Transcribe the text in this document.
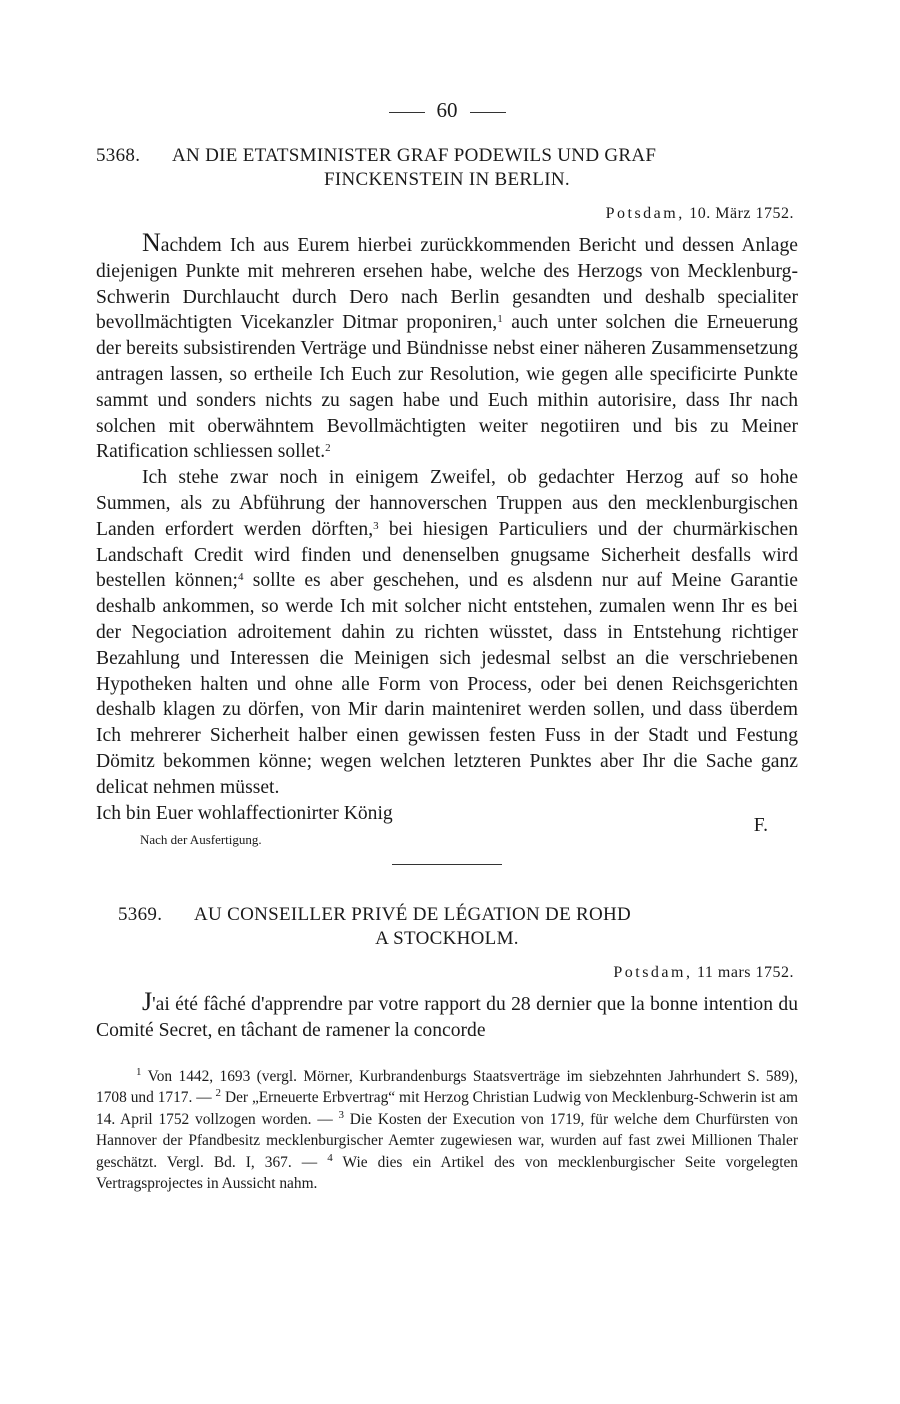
60
5368. AN DIE ETATSMINISTER GRAF PODEWILS UND GRAF
FINCKENSTEIN IN BERLIN.
Potsdam, 10. März 1752.

Nachdem Ich aus Eurem hierbei zurückkommenden Bericht und dessen Anlage diejenigen Punkte mit mehreren ersehen habe, welche des Herzogs von Mecklenburg-Schwerin Durchlaucht durch Dero nach Berlin gesandten und deshalb specialiter bevollmächtigten Vicekanzler Ditmar proponiren,$^1$ auch unter solchen die Erneuerung der bereits subsistirenden Verträge und Bündnisse nebst einer näheren Zusammensetzung antragen lassen, so ertheile Ich Euch zur Resolution, wie gegen alle specificirte Punkte sammt und sonders nichts zu sagen habe und Euch mithin autorisire, dass Ihr nach solchen mit oberwähntem Bevollmächtigten weiter negotiiren und bis zu Meiner Ratification schliessen sollet.$^2$

Ich stehe zwar noch in einigem Zweifel, ob gedachter Herzog auf so hohe Summen, als zu Abführung der hannoverschen Truppen aus den mecklenburgischen Landen erfordert werden dörften,$^3$ bei hiesigen Particuliers und der churmärkischen Landschaft Credit wird finden und denenselben gnugsame Sicherheit desfalls wird bestellen können;$^4$ sollte es aber geschehen, und es alsdenn nur auf Meine Garantie deshalb ankommen, so werde Ich mit solcher nicht entstehen, zumalen wenn Ihr es bei der Negociation adroitement dahin zu richten wüsstet, dass in Entstehung richtiger Bezahlung und Interessen die Meinigen sich jedesmal selbst an die verschriebenen Hypotheken halten und ohne alle Form von Process, oder bei denen Reichsgerichten deshalb klagen zu dörfen, von Mir darin mainteniret werden sollen, und dass überdem Ich mehrerer Sicherheit halber einen gewissen festen Fuss in der Stadt und Festung Dömitz bekommen könne; wegen welchen letzteren Punktes aber Ihr die Sache ganz delicat nehmen müsset.

Ich bin Euer wohlaffectionirter König
F.
Nach der Ausfertigung.
5369. AU CONSEILLER PRIVÉ DE LÉGATION DE ROHD
A STOCKHOLM.
Potsdam, 11 mars 1752.

J'ai été fâché d'apprendre par votre rapport du 28 dernier que la bonne intention du Comité Secret, en tâchant de ramener la concorde

$^1$ Von 1442, 1693 (vergl. Mörner, Kurbrandenburgs Staatsverträge im siebzehnten Jahrhundert S. 589), 1708 und 1717. — $^2$ Der „Erneuerte Erbvertrag“ mit Herzog Christian Ludwig von Mecklenburg-Schwerin ist am 14. April 1752 vollzogen worden. — $^3$ Die Kosten der Execution von 1719, für welche dem Churfürsten von Hannover der Pfandbesitz mecklenburgischer Aemter zugewiesen war, wurden auf fast zwei Millionen Thaler geschätzt. Vergl. Bd. I, 367. — $^4$ Wie dies ein Artikel des von mecklenburgischer Seite vorgelegten Vertragsprojectes in Aussicht nahm.
